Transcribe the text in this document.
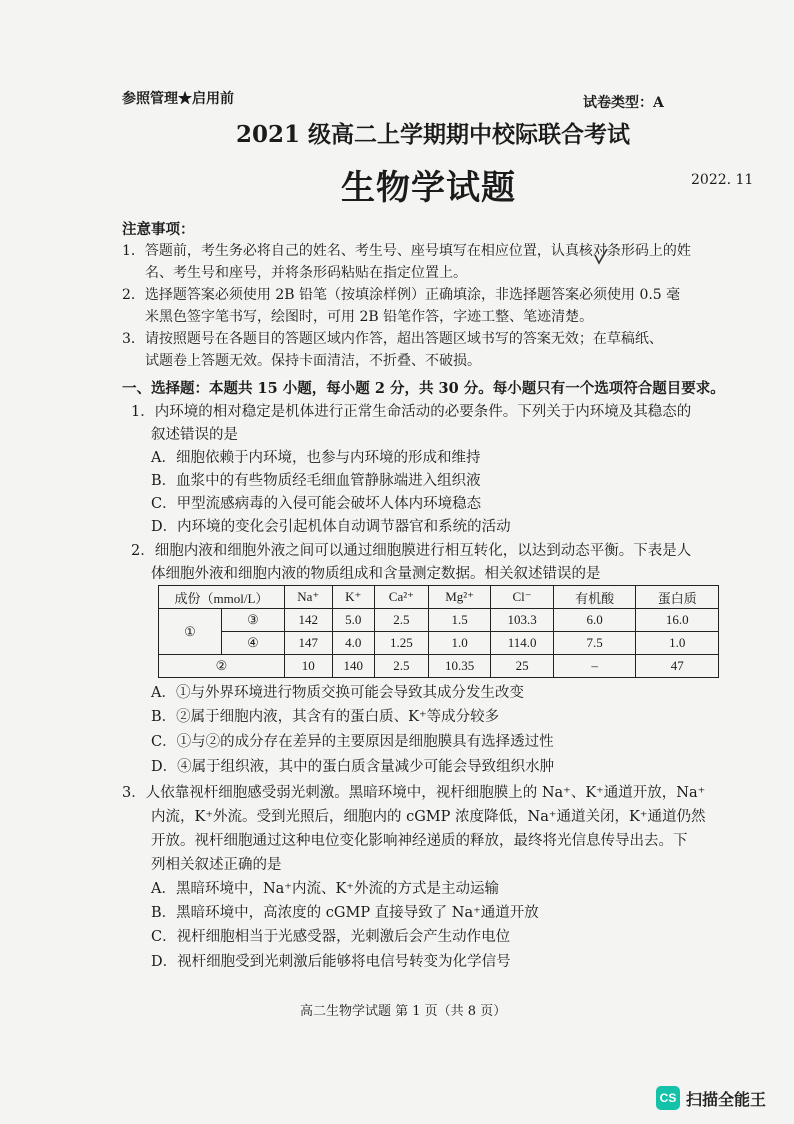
参照管理★启用前	试卷类型：A
2021 级高二上学期期中校际联合考试
生物学试题	2022. 11
注意事项：
1．答题前，考生务必将自己的姓名、考生号、座号填写在相应位置，认真核对条形码上的姓
名、考生号和座号，并将条形码粘贴在指定位置上。
2．选择题答案必须使用 2B 铅笔（按填涂样例）正确填涂，非选择题答案必须使用 0.5 毫
米黑色签字笔书写，绘图时，可用 2B 铅笔作答，字迹工整、笔迹清楚。
3．请按照题号在各题目的答题区域内作答，超出答题区域书写的答案无效；在草稿纸、
试题卷上答题无效。保持卡面清洁，不折叠、不破损。
一、选择题：本题共 15 小题，每小题 2 分，共 30 分。每小题只有一个选项符合题目要求。
1．内环境的相对稳定是机体进行正常生命活动的必要条件。下列关于内环境及其稳态的
叙述错误的是
A．细胞依赖于内环境，也参与内环境的形成和维持
B．血浆中的有些物质经毛细血管静脉端进入组织液
C．甲型流感病毒的入侵可能会破坏人体内环境稳态
D．内环境的变化会引起机体自动调节器官和系统的活动
2．细胞内液和细胞外液之间可以通过细胞膜进行相互转化，以达到动态平衡。下表是人
体细胞外液和细胞内液的物质组成和含量测定数据。相关叙述错误的是
成份（mmol/L）		Na⁺	K⁺	Ca²⁺	Mg²⁺	Cl⁻	有机酸	蛋白质
①	③	142	5.0	2.5	1.5	103.3	6.0	16.0
	④	147	4.0	1.25	1.0	114.0	7.5	1.0
②		10	140	2.5	10.35	25	–	47
A．①与外界环境进行物质交换可能会导致其成分发生改变
B．②属于细胞内液，其含有的蛋白质、K⁺等成分较多
C．①与②的成分存在差异的主要原因是细胞膜具有选择透过性
D．④属于组织液，其中的蛋白质含量减少可能会导致组织水肿
3．人依靠视杆细胞感受弱光刺激。黑暗环境中，视杆细胞膜上的 Na⁺、K⁺通道开放，Na⁺
内流，K⁺外流。受到光照后，细胞内的 cGMP 浓度降低，Na⁺通道关闭，K⁺通道仍然
开放。视杆细胞通过这种电位变化影响神经递质的释放，最终将光信息传导出去。下
列相关叙述正确的是
A．黑暗环境中，Na⁺内流、K⁺外流的方式是主动运输
B．黑暗环境中，高浓度的 cGMP 直接导致了 Na⁺通道开放
C．视杆细胞相当于光感受器，光刺激后会产生动作电位
D．视杆细胞受到光刺激后能够将电信号转变为化学信号
高二生物学试题 第 1 页（共 8 页）
CS 扫描全能王
